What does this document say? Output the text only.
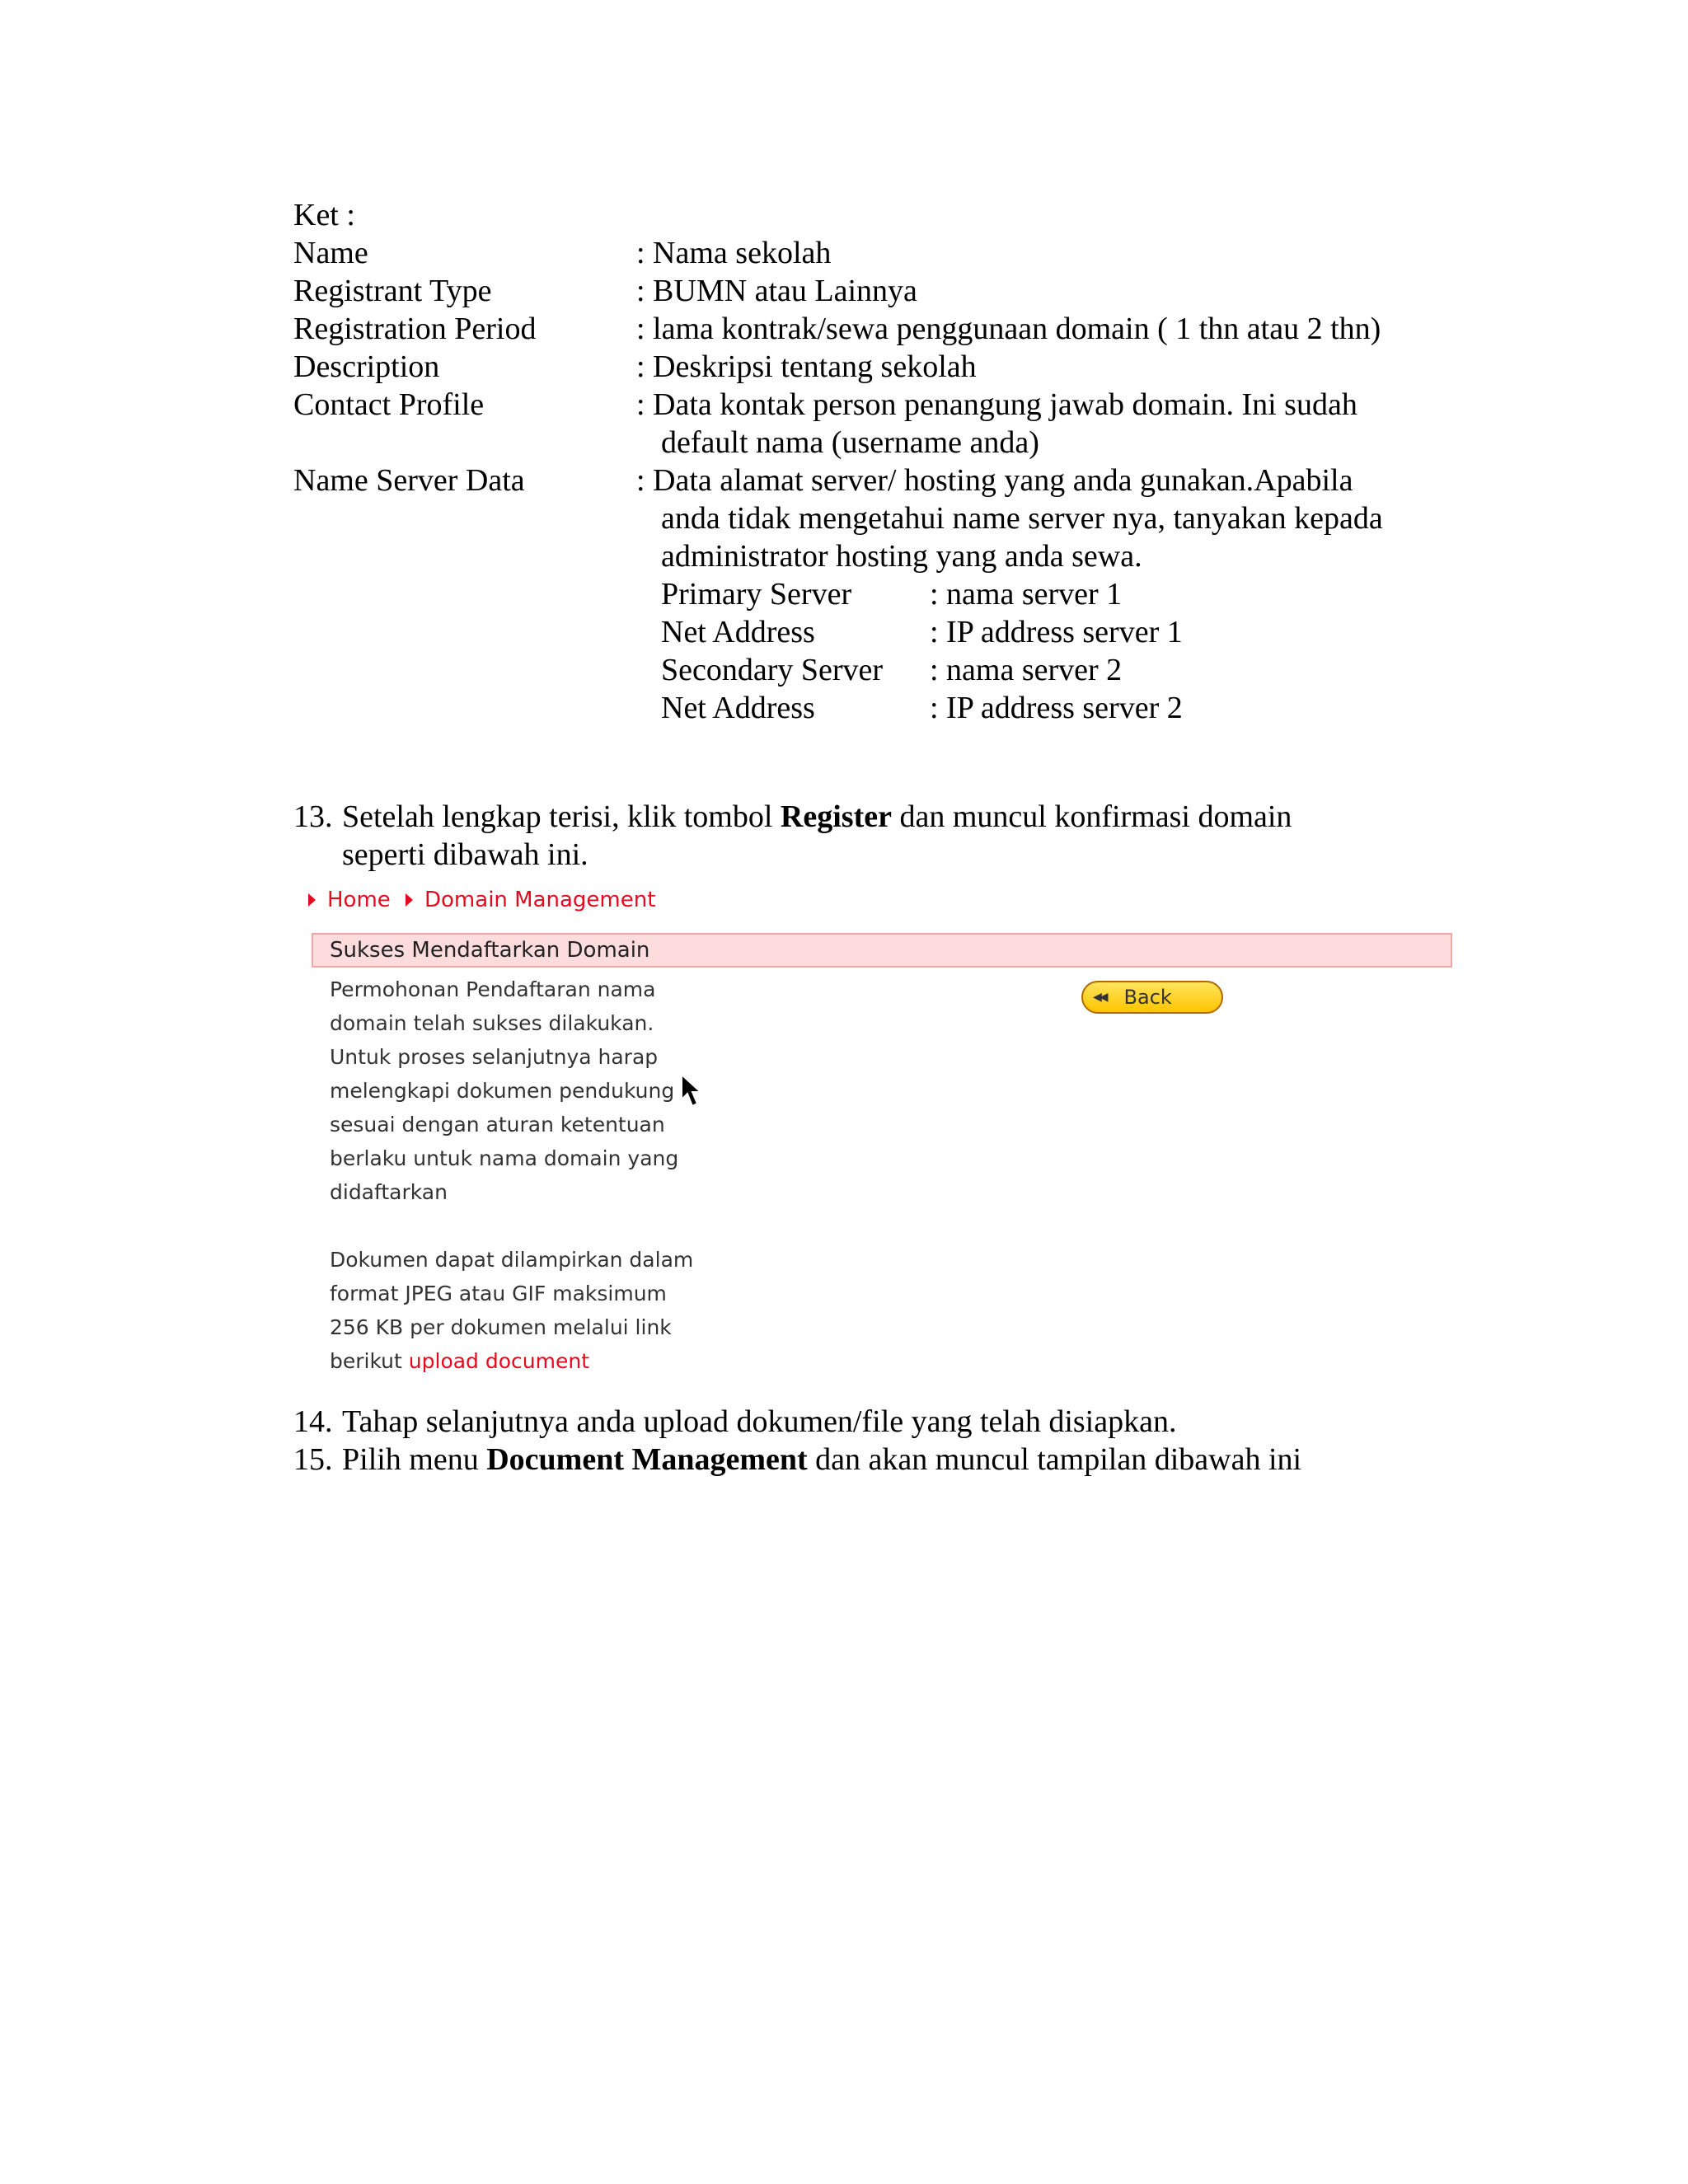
Ket :
Name	: Nama sekolah
Registrant Type	: BUMN atau Lainnya
Registration Period	: lama kontrak/sewa penggunaan domain ( 1 thn atau 2 thn)
Description	: Deskripsi tentang sekolah
Contact Profile	: Data kontak person penangung jawab domain. Ini sudah
default nama (username anda)
Name Server Data	: Data alamat server/ hosting yang anda gunakan.Apabila
anda tidak mengetahui name server nya, tanyakan kepada
administrator hosting yang anda sewa.
Primary Server : nama server 1
Net Address	: IP address server 1
Secondary Server : nama server 2
Net Address	: IP address server 2
13. Setelah lengkap terisi, klik tombol Register dan muncul konfirmasi domain
seperti dibawah ini.
Home Domain Management
Sukses Mendaftarkan Domain
Permohonan Pendaftaran nama
domain telah sukses dilakukan.
Untuk proses selanjutnya harap
melengkapi dokumen pendukung
sesuai dengan aturan ketentuan
berlaku untuk nama domain yang
didaftarkan
Dokumen dapat dilampirkan dalam
format JPEG atau GIF maksimum
256 KB per dokumen melalui link
berikut upload document
◀◀ Back
14. Tahap selanjutnya anda upload dokumen/file yang telah disiapkan.
15. Pilih menu Document Management dan akan muncul tampilan dibawah ini
